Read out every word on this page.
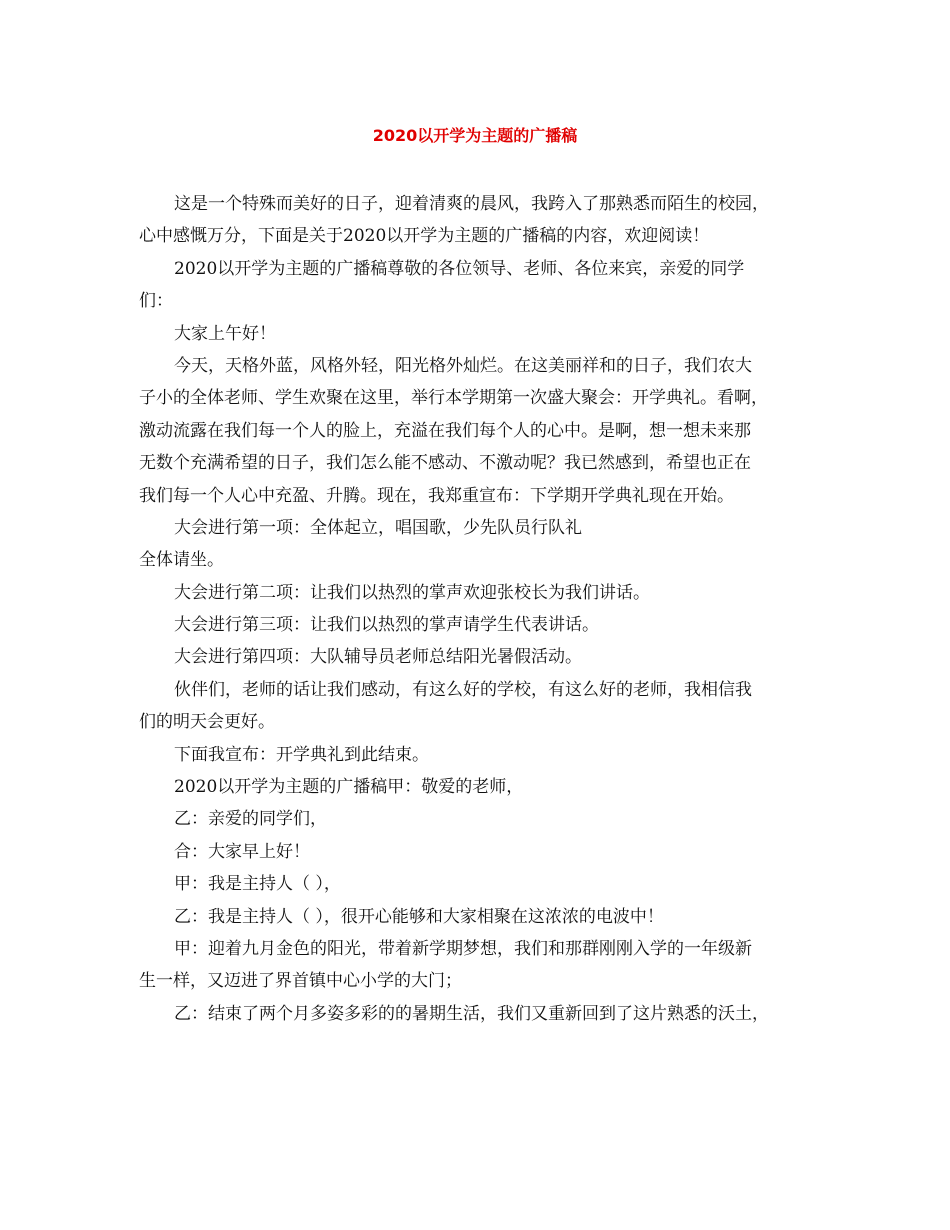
2020以开学为主题的广播稿
这是一个特殊而美好的日子，迎着清爽的晨风，我跨入了那熟悉而陌生的校园，
心中感慨万分，下面是关于2020以开学为主题的广播稿的内容，欢迎阅读！
2020以开学为主题的广播稿尊敬的各位领导、老师、各位来宾，亲爱的同学
们：
大家上午好！
今天，天格外蓝，风格外轻，阳光格外灿烂。在这美丽祥和的日子，我们农大
子小的全体老师、学生欢聚在这里，举行本学期第一次盛大聚会：开学典礼。看啊，
激动流露在我们每一个人的脸上，充溢在我们每个人的心中。是啊，想一想未来那
无数个充满希望的日子，我们怎么能不感动、不激动呢？我已然感到，希望也正在
我们每一个人心中充盈、升腾。现在，我郑重宣布：下学期开学典礼现在开始。
大会进行第一项：全体起立，唱国歌，少先队员行队礼
全体请坐。
大会进行第二项：让我们以热烈的掌声欢迎张校长为我们讲话。
大会进行第三项：让我们以热烈的掌声请学生代表讲话。
大会进行第四项：大队辅导员老师总结阳光暑假活动。
伙伴们，老师的话让我们感动，有这么好的学校，有这么好的老师，我相信我
们的明天会更好。
下面我宣布：开学典礼到此结束。
2020以开学为主题的广播稿甲：敬爱的老师，
乙：亲爱的同学们，
合：大家早上好！
甲：我是主持人（ ），
乙：我是主持人（ ），很开心能够和大家相聚在这浓浓的电波中！
甲：迎着九月金色的阳光，带着新学期梦想，我们和那群刚刚入学的一年级新
生一样，又迈进了界首镇中心小学的大门；
乙：结束了两个月多姿多彩的的暑期生活，我们又重新回到了这片熟悉的沃土，
